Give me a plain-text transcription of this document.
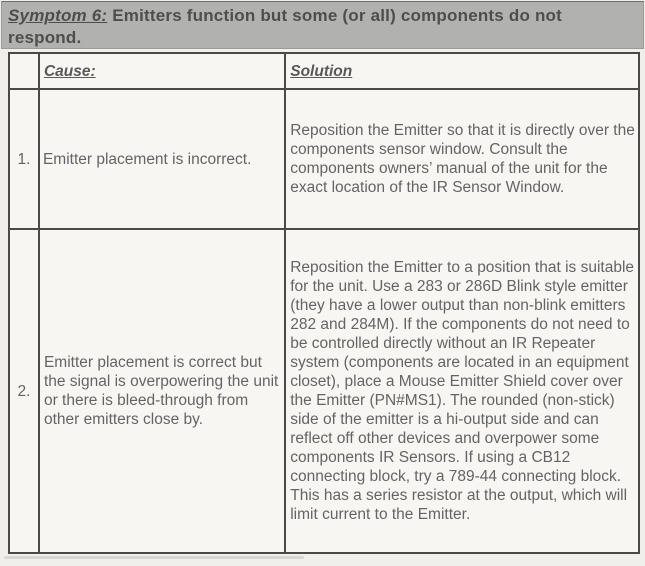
Symptom 6: Emitters function but some (or all) components do not respond.
	Cause:	Solution
1.	Emitter placement is incorrect.	Reposition the Emitter so that it is directly over the components sensor window. Consult the components owners’ manual of the unit for the exact location of the IR Sensor Window.
2.	Emitter placement is correct but the signal is overpowering the unit or there is bleed-through from other emitters close by.	Reposition the Emitter to a position that is suitable for the unit. Use a 283 or 286D Blink style emitter (they have a lower output than non-blink emitters 282 and 284M). If the components do not need to be controlled directly without an IR Repeater system (components are located in an equipment closet), place a Mouse Emitter Shield cover over the Emitter (PN#MS1). The rounded (non-stick) side of the emitter is a hi-output side and can reflect off other devices and overpower some components IR Sensors. If using a CB12 connecting block, try a 789-44 connecting block. This has a series resistor at the output, which will limit current to the Emitter.
